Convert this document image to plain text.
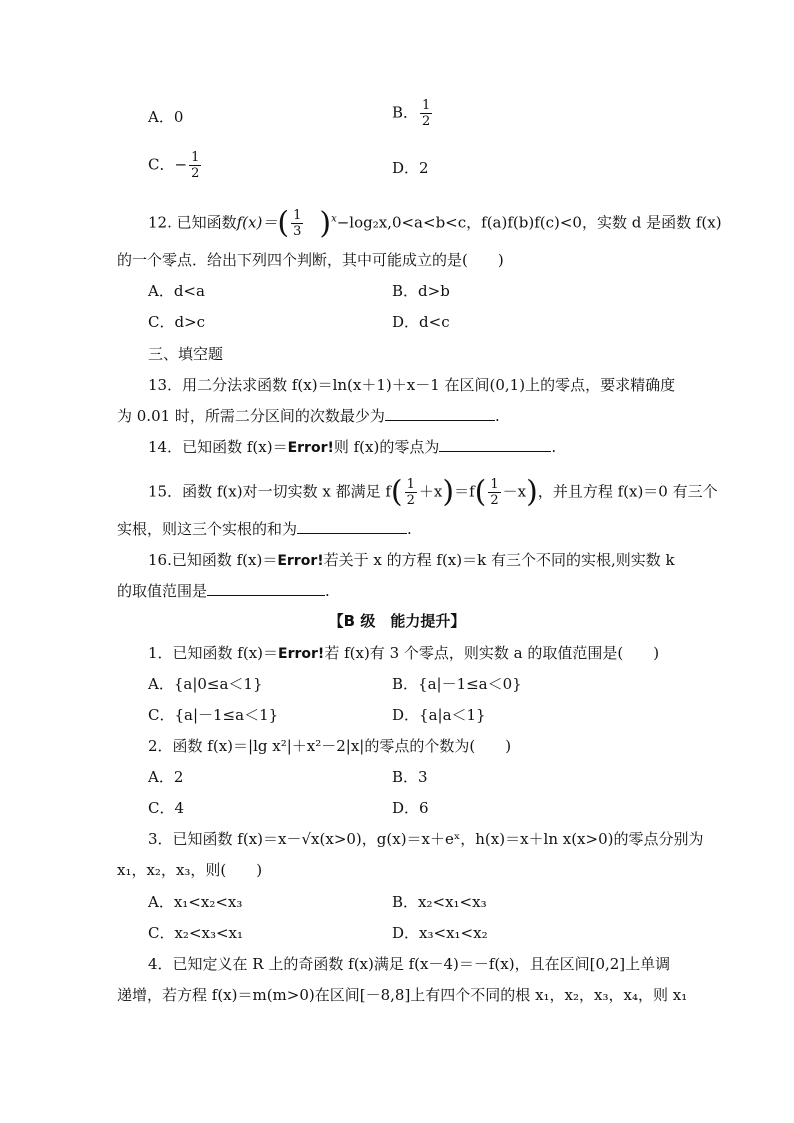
A．0	B． $\frac{1}{2}$
C．− $\frac{1}{2}$	D．2
12. 已知函数$f(x)=( \frac{1}{3} )^x-\log_2x,0<a<b<c$，f(a)f(b)f(c)<0，实数 d 是函数 f(x)
的一个零点．给出下列四个判断，其中可能成立的是(　　)
A．d<a	B．d>b
C．d>c	D．d<c
三、填空题
13．用二分法求函数 f(x)＝ln(x＋1)＋x－1 在区间(0,1)上的零点，要求精确度
为 0.01 时，所需二分区间的次数最少为	.
14．已知函数 f(x)＝Error!则 f(x)的零点为	.
15．函数 f(x)对一切实数 x 都满足 $f( \frac{1}{2} +x)=f( \frac{1}{2} -x)$，并且方程 f(x)＝0 有三个
实根，则这三个实根的和为	.
16.已知函数 f(x)＝Error!若关于 x 的方程 f(x)＝k 有三个不同的实根,则实数 k
的取值范围是	.
【B 级　能力提升】
1．已知函数 f(x)＝Error!若 f(x)有 3 个零点，则实数 a 的取值范围是(　　)
A．{a|0≤a＜1}	B．{a|－1≤a＜0}
C．{a|－1≤a＜1}	D．{a|a＜1}
2．函数 f(x)＝|lg x²|＋x²－2|x|的零点的个数为(　　)
A．2	B．3
C．4	D．6
3．已知函数 f(x)＝x－√x(x>0)，g(x)＝x＋eˣ，h(x)＝x＋ln x(x>0)的零点分别为
x₁，x₂，x₃，则(　　)
A．x₁<x₂<x₃	B．x₂<x₁<x₃
C．x₂<x₃<x₁	D．x₃<x₁<x₂
4．已知定义在 R 上的奇函数 f(x)满足 f(x－4)＝－f(x)，且在区间[0,2]上单调
递增，若方程 f(x)＝m(m>0)在区间[－8,8]上有四个不同的根 x₁，x₂，x₃，x₄，则 x₁
